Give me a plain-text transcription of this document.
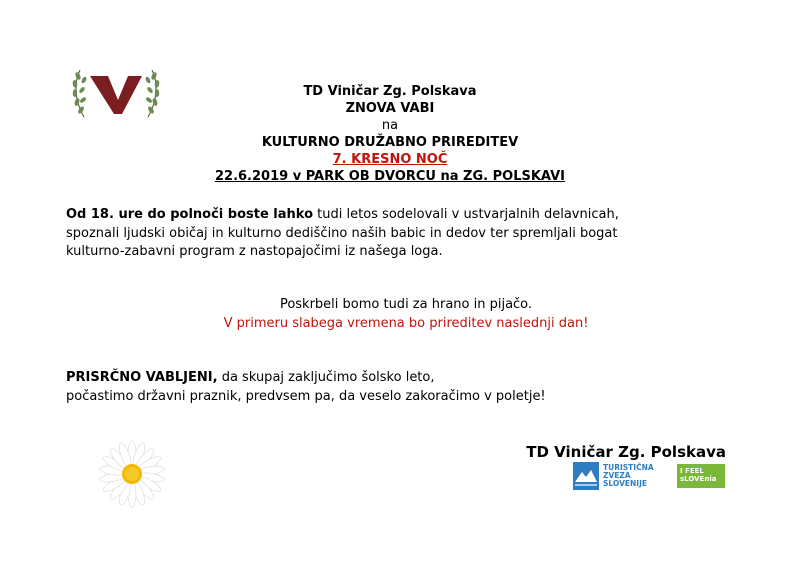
TD Viničar Zg. Polskava
ZNOVA VABI
na
KULTURNO DRUŽABNO PRIREDITEV
7. KRESNO NOČ
22.6.2019 v PARK OB DVORCU na ZG. POLSKAVI
Od 18. ure do polnoči boste lahko tudi letos sodelovali v ustvarjalnih delavnicah,
spoznali ljudski običaj in kulturno dediščino naših babic in dedov ter spremljali bogat
kulturno-zabavni program z nastopajočimi iz našega loga.
Poskrbeli bomo tudi za hrano in pijačo.
V primeru slabega vremena bo prireditev naslednji dan!
PRISRČNO VABLJENI, da skupaj zaključimo šolsko leto,
počastimo državni praznik, predvsem pa, da veselo zakoračimo v poletje!
TD Viničar Zg. Polskava
TURISTIČNA
ZVEZA
SLOVENIJE
I FEEL
sLOVEnia
